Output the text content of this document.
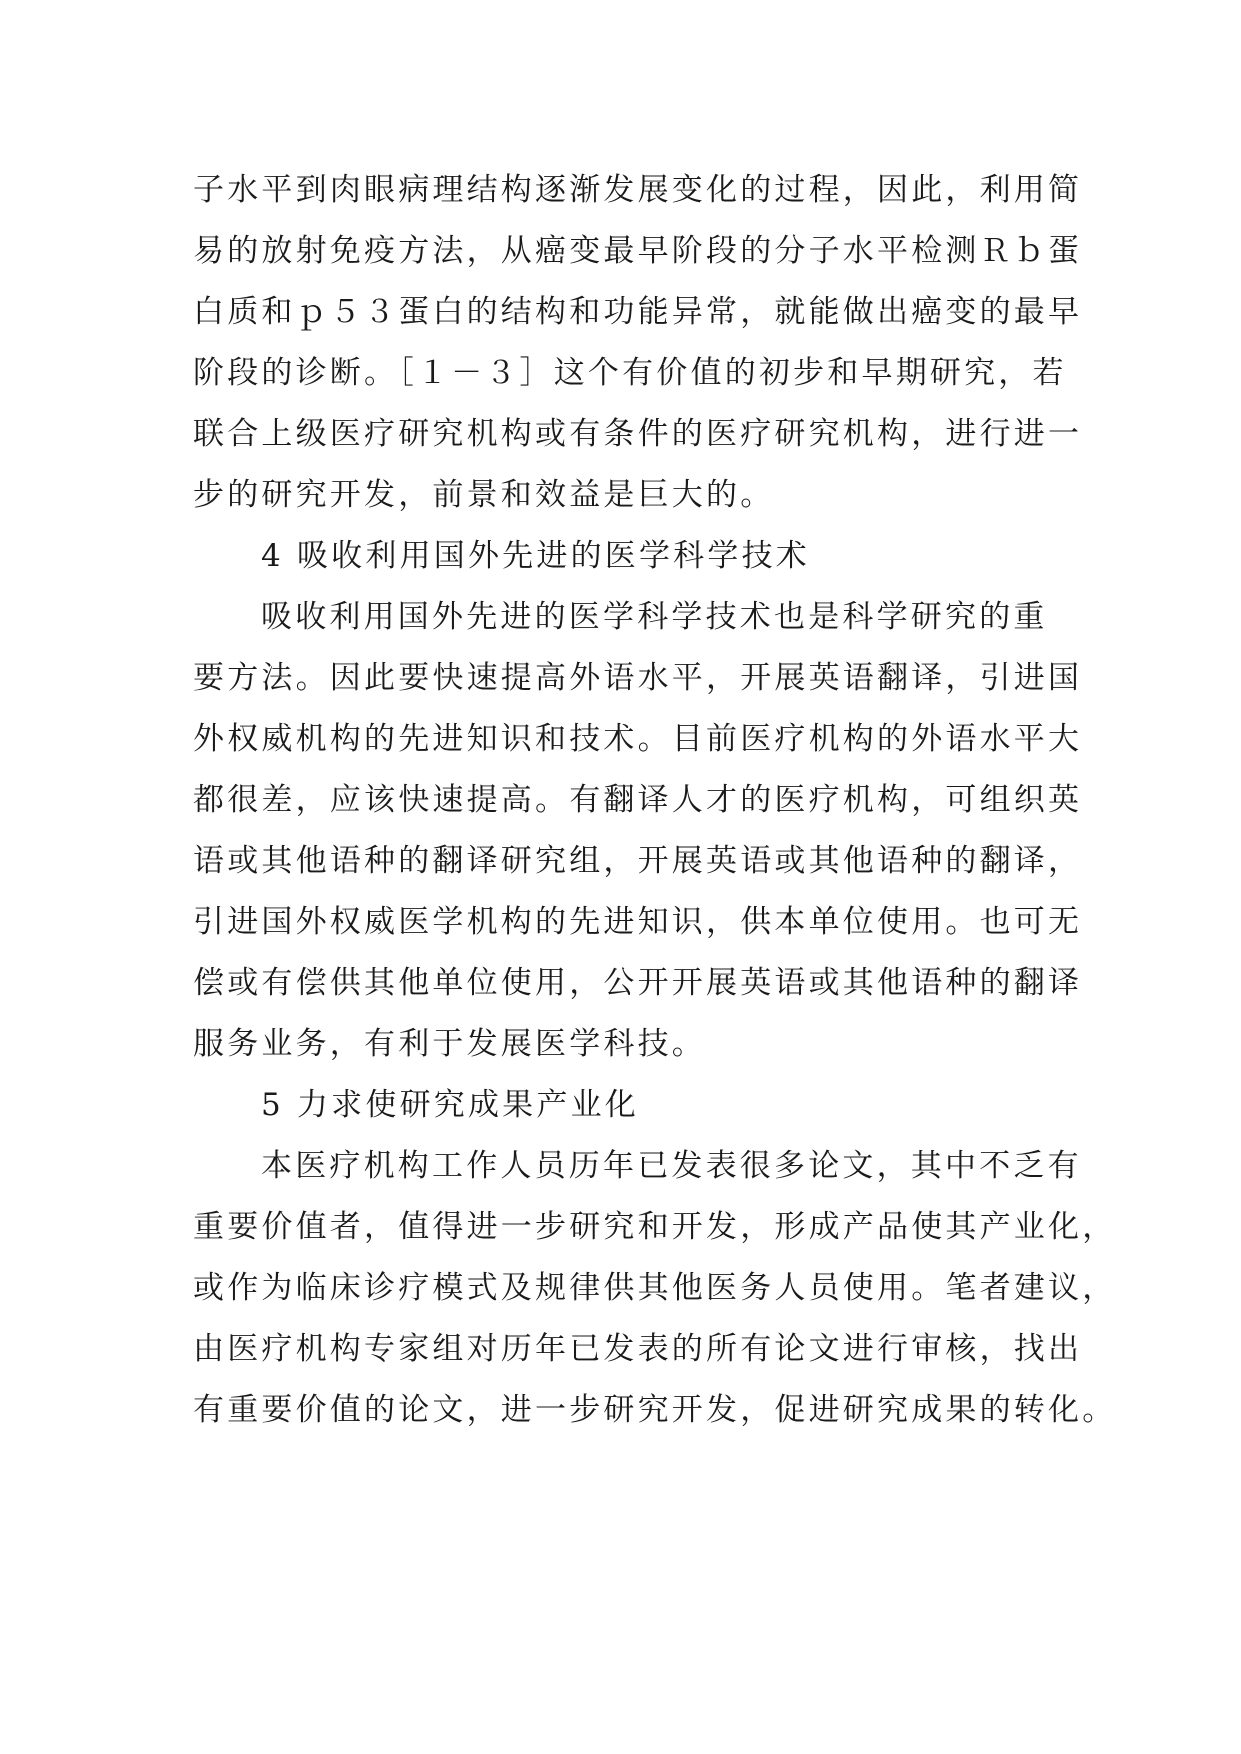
子水平到肉眼病理结构逐渐发展变化的过程，因此，利用简

易的放射免疫方法，从癌变最早阶段的分子水平检测Ｒｂ蛋

白质和ｐ５３蛋白的结构和功能异常，就能做出癌变的最早

阶段的诊断。［１－３］这个有价值的初步和早期研究，若

联合上级医疗研究机构或有条件的医疗研究机构，进行进一

步的研究开发，前景和效益是巨大的。

4 吸收利用国外先进的医学科学技术

吸收利用国外先进的医学科学技术也是科学研究的重

要方法。因此要快速提高外语水平，开展英语翻译，引进国

外权威机构的先进知识和技术。目前医疗机构的外语水平大

都很差，应该快速提高。有翻译人才的医疗机构，可组织英

语或其他语种的翻译研究组，开展英语或其他语种的翻译，

引进国外权威医学机构的先进知识，供本单位使用。也可无

偿或有偿供其他单位使用，公开开展英语或其他语种的翻译

服务业务，有利于发展医学科技。

5 力求使研究成果产业化

本医疗机构工作人员历年已发表很多论文，其中不乏有

重要价值者，值得进一步研究和开发，形成产品使其产业化，

或作为临床诊疗模式及规律供其他医务人员使用。笔者建议，

由医疗机构专家组对历年已发表的所有论文进行审核，找出

有重要价值的论文，进一步研究开发，促进研究成果的转化。
